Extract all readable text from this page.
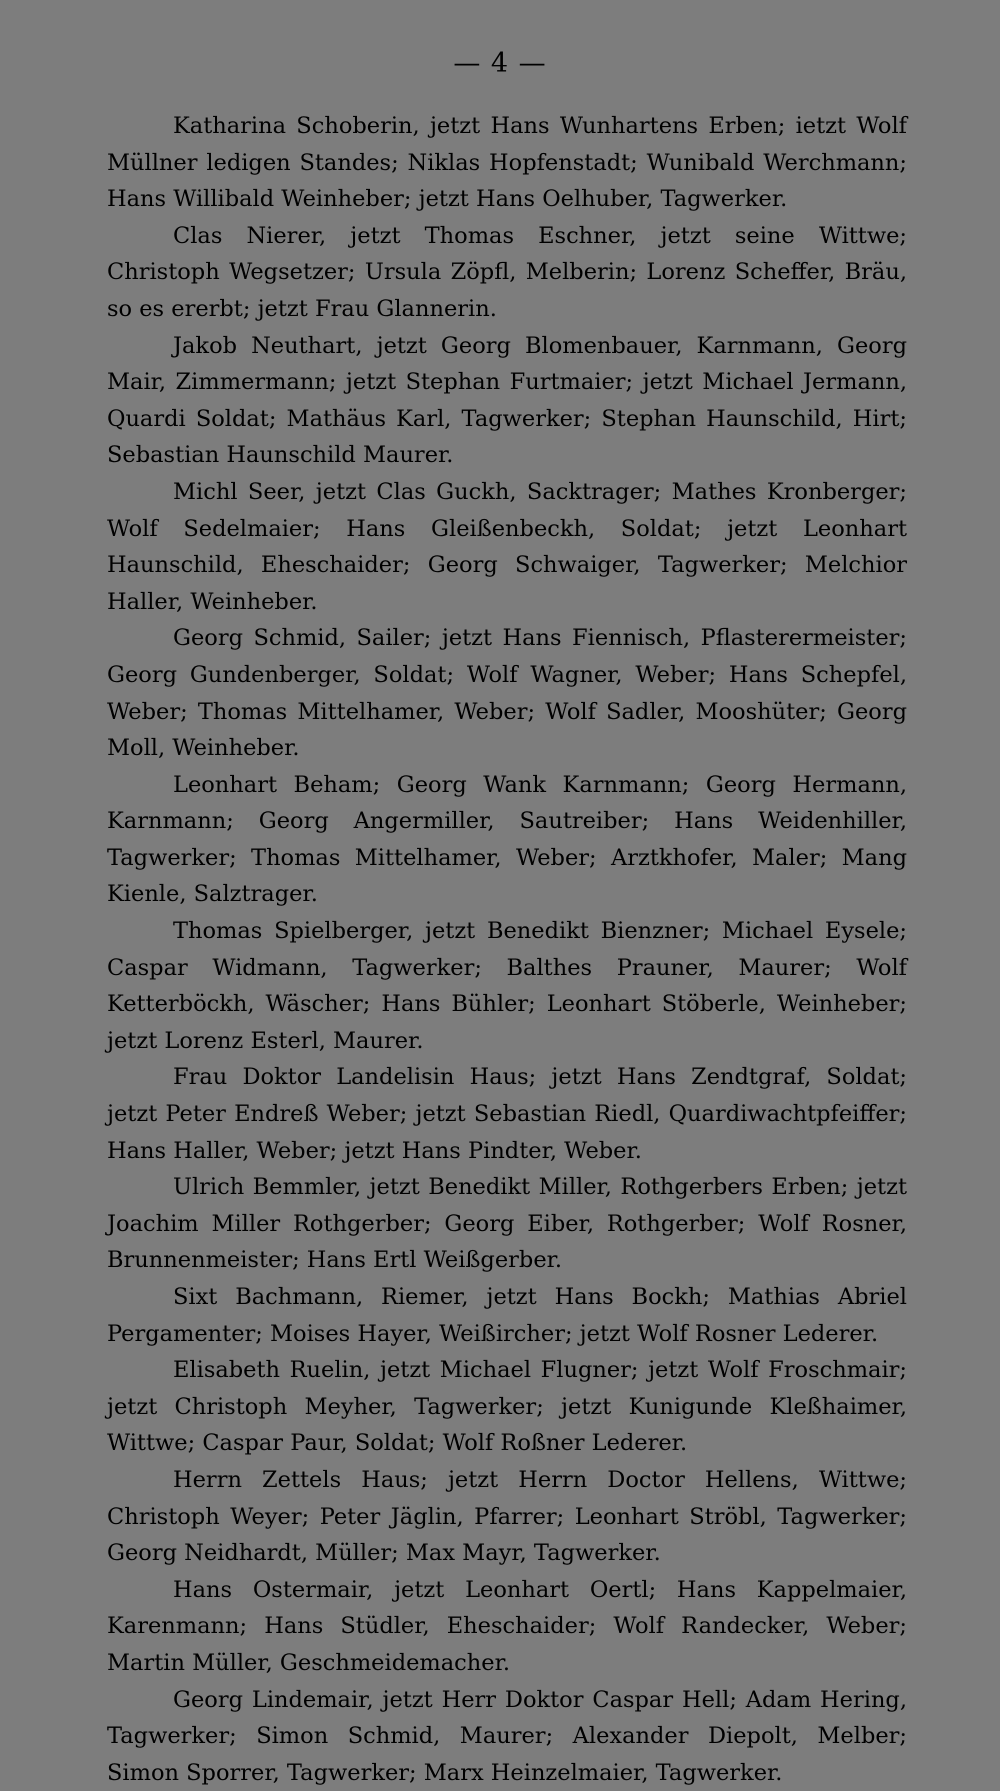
— 4 —

Katharina Schoberin, jetzt Hans Wunhartens Erben; ietzt Wolf Müllner ledigen Standes; Niklas Hopfenstadt; Wunibald Werchmann; Hans Willibald Weinheber; jetzt Hans Oelhuber, Tagwerker.

Clas Nierer, jetzt Thomas Eschner, jetzt seine Wittwe; Christoph Wegsetzer; Ursula Zöpfl, Melberin; Lorenz Scheffer, Bräu, so es ererbt; jetzt Frau Glannerin.

Jakob Neuthart, jetzt Georg Blomenbauer, Karnmann, Georg Mair, Zimmermann; jetzt Stephan Furtmaier; jetzt Michael Jermann, Quardi Soldat; Mathäus Karl, Tagwerker; Stephan Haunschild, Hirt; Sebastian Haunschild Maurer.

Michl Seer, jetzt Clas Guckh, Sacktrager; Mathes Kronberger; Wolf Sedelmaier; Hans Gleißenbeckh, Soldat; jetzt Leonhart Haunschild, Eheschaider; Georg Schwaiger, Tagwerker; Melchior Haller, Weinheber.

Georg Schmid, Sailer; jetzt Hans Fiennisch, Pflasterermeister; Georg Gundenberger, Soldat; Wolf Wagner, Weber; Hans Schepfel, Weber; Thomas Mittelhamer, Weber; Wolf Sadler, Mooshüter; Georg Moll, Weinheber.

Leonhart Beham; Georg Wank Karnmann; Georg Hermann, Karnmann; Georg Angermiller, Sautreiber; Hans Weidenhiller, Tagwerker; Thomas Mittelhamer, Weber; Arztkhofer, Maler; Mang Kienle, Salztrager.

Thomas Spielberger, jetzt Benedikt Bienzner; Michael Eysele; Caspar Widmann, Tagwerker; Balthes Prauner, Maurer; Wolf Ketterböckh, Wäscher; Hans Bühler; Leonhart Stöberle, Weinheber; jetzt Lorenz Esterl, Maurer.

Frau Doktor Landelisin Haus; jetzt Hans Zendtgraf, Soldat; jetzt Peter Endreß Weber; jetzt Sebastian Riedl, Quardiwachtpfeiffer; Hans Haller, Weber; jetzt Hans Pindter, Weber.

Ulrich Bemmler, jetzt Benedikt Miller, Rothgerbers Erben; jetzt Joachim Miller Rothgerber; Georg Eiber, Rothgerber; Wolf Rosner, Brunnenmeister; Hans Ertl Weißgerber.

Sixt Bachmann, Riemer, jetzt Hans Bockh; Mathias Abriel Pergamenter; Moises Hayer, Weißircher; jetzt Wolf Rosner Lederer.

Elisabeth Ruelin, jetzt Michael Flugner; jetzt Wolf Froschmair; jetzt Christoph Meyher, Tagwerker; jetzt Kunigunde Kleßhaimer, Wittwe; Caspar Paur, Soldat; Wolf Roßner Lederer.

Herrn Zettels Haus; jetzt Herrn Doctor Hellens, Wittwe; Christoph Weyer; Peter Jäglin, Pfarrer; Leonhart Ströbl, Tagwerker; Georg Neidhardt, Müller; Max Mayr, Tagwerker.

Hans Ostermair, jetzt Leonhart Oertl; Hans Kappelmaier, Karenmann; Hans Stüdler, Eheschaider; Wolf Randecker, Weber; Martin Müller, Geschmeidemacher.

Georg Lindemair, jetzt Herr Doktor Caspar Hell; Adam Hering, Tagwerker; Simon Schmid, Maurer; Alexander Diepolt, Melber; Simon Sporrer, Tagwerker; Marx Heinzelmaier, Tagwerker.
